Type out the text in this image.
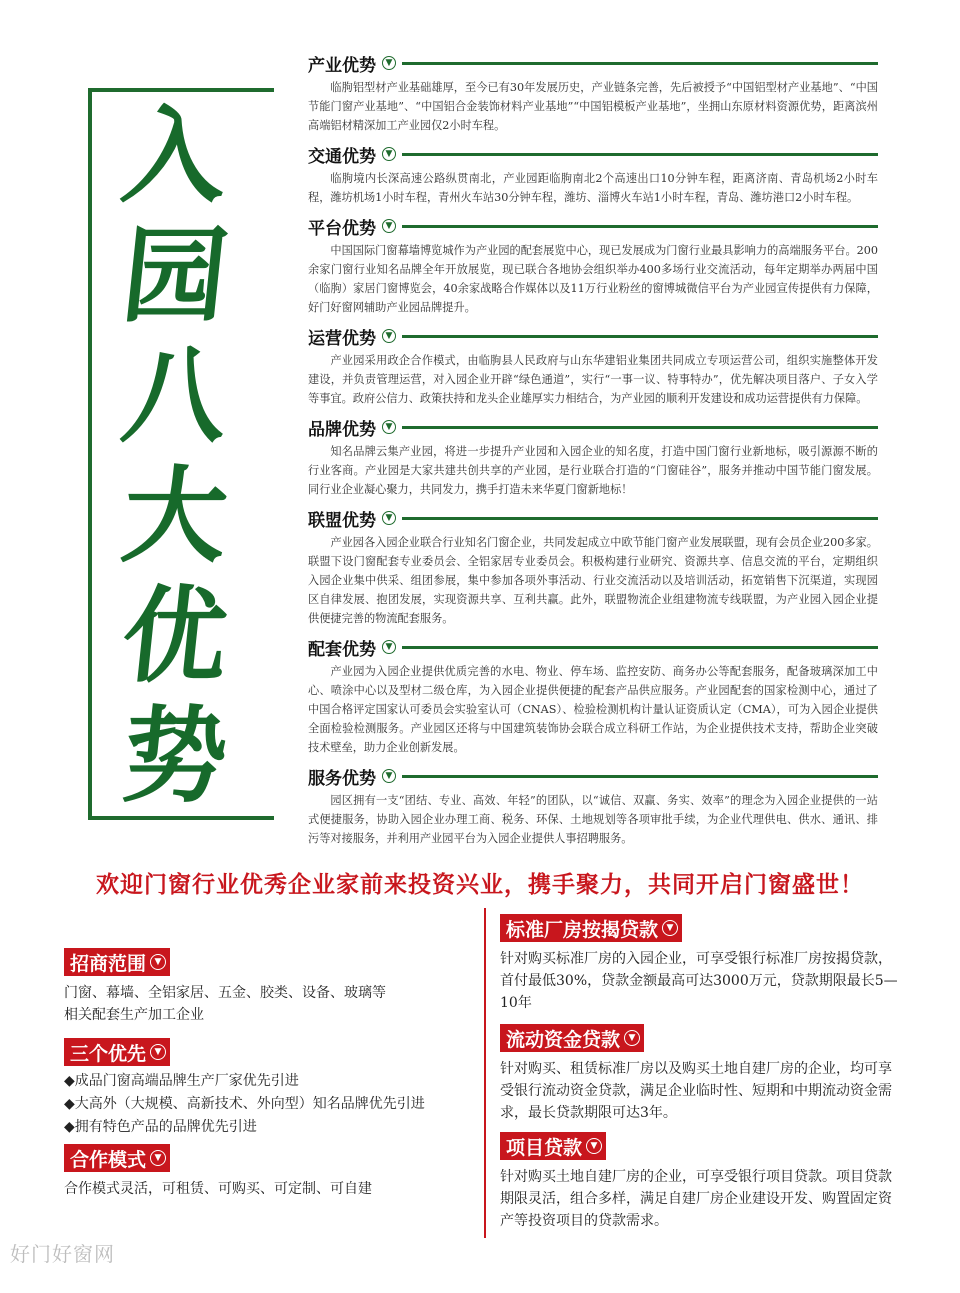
入
园
八
大
优
势
产业优势	▼

临朐铝型材产业基础雄厚，至今已有30年发展历史，产业链条完善，先后被授予“中国铝型材产业基地”、“中国节能门窗产业基地”、“中国铝合金装饰材料产业基地”“中国铝模板产业基地”，坐拥山东原材料资源优势，距离滨州高端铝材精深加工产业园仅2小时车程。

交通优势	▼

临朐境内长深高速公路纵贯南北，产业园距临朐南北2个高速出口10分钟车程，距离济南、青岛机场2小时车程，潍坊机场1小时车程，青州火车站30分钟车程，潍坊、淄博火车站1小时车程，青岛、潍坊港口2小时车程。

平台优势	▼

中国国际门窗幕墙博览城作为产业园的配套展览中心，现已发展成为门窗行业最具影响力的高端服务平台。200余家门窗行业知名品牌全年开放展览，现已联合各地协会组织举办400多场行业交流活动，每年定期举办两届中国（临朐）家居门窗博览会，40余家战略合作媒体以及11万行业粉丝的窗博城微信平台为产业园宣传提供有力保障，好门好窗网辅助产业园品牌提升。

运营优势	▼

产业园采用政企合作模式，由临朐县人民政府与山东华建铝业集团共同成立专项运营公司，组织实施整体开发建设，并负责管理运营，对入园企业开辟“绿色通道”，实行“一事一议、特事特办”，优先解决项目落户、子女入学等事宜。政府公信力、政策扶持和龙头企业雄厚实力相结合，为产业园的顺利开发建设和成功运营提供有力保障。

品牌优势	▼

知名品牌云集产业园，将进一步提升产业园和入园企业的知名度，打造中国门窗行业新地标，吸引源源不断的行业客商。产业园是大家共建共创共享的产业园，是行业联合打造的“门窗硅谷”，服务并推动中国节能门窗发展。同行业企业凝心聚力，共同发力，携手打造未来华夏门窗新地标！

联盟优势	▼

产业园各入园企业联合行业知名门窗企业，共同发起成立中欧节能门窗产业发展联盟，现有会员企业200多家。联盟下设门窗配套专业委员会、全铝家居专业委员会。积极构建行业研究、资源共享、信息交流的平台，定期组织入园企业集中供采、组团参展，集中参加各项外事活动、行业交流活动以及培训活动，拓宽销售下沉渠道，实现园区自律发展、抱团发展，实现资源共享、互利共赢。此外，联盟物流企业组建物流专线联盟，为产业园入园企业提供便捷完善的物流配套服务。

配套优势	▼

产业园为入园企业提供优质完善的水电、物业、停车场、监控安防、商务办公等配套服务，配备玻璃深加工中心、喷涂中心以及型材二级仓库，为入园企业提供便捷的配套产品供应服务。产业园配套的国家检测中心，通过了中国合格评定国家认可委员会实验室认可（CNAS）、检验检测机构计量认证资质认定（CMA），可为入园企业提供全面检验检测服务。产业园区还将与中国建筑装饰协会联合成立科研工作站，为企业提供技术支持，帮助企业突破技术壁垒，助力企业创新发展。

服务优势	▼

园区拥有一支“团结、专业、高效、年轻”的团队，以“诚信、双赢、务实、效率”的理念为入园企业提供的一站式便捷服务，协助入园企业办理工商、税务、环保、土地规划等各项审批手续，为企业代理供电、供水、通讯、排污等对接服务，并利用产业园平台为入园企业提供人事招聘服务。

欢迎门窗行业优秀企业家前来投资兴业，携手聚力，共同开启门窗盛世！
招商范围 ▼

门窗、幕墙、全铝家居、五金、胶类、设备、玻璃等相关配套生产加工企业

三个优先 ▼

◆成品门窗高端品牌生产厂家优先引进

◆大高外（大规模、高新技术、外向型）知名品牌优先引进

◆拥有特色产品的品牌优先引进

合作模式 ▼

合作模式灵活，可租赁、可购买、可定制、可自建

标准厂房按揭贷款 ▼

针对购买标准厂房的入园企业，可享受银行标准厂房按揭贷款，首付最低30%，贷款金额最高可达3000万元，贷款期限最长5—10年

流动资金贷款 ▼

针对购买、租赁标准厂房以及购买土地自建厂房的企业，均可享受银行流动资金贷款，满足企业临时性、短期和中期流动资金需求，最长贷款期限可达3年。

项目贷款 ▼

针对购买土地自建厂房的企业，可享受银行项目贷款。项目贷款期限灵活，组合多样，满足自建厂房企业建设开发、购置固定资产等投资项目的贷款需求。

好门好窗网
